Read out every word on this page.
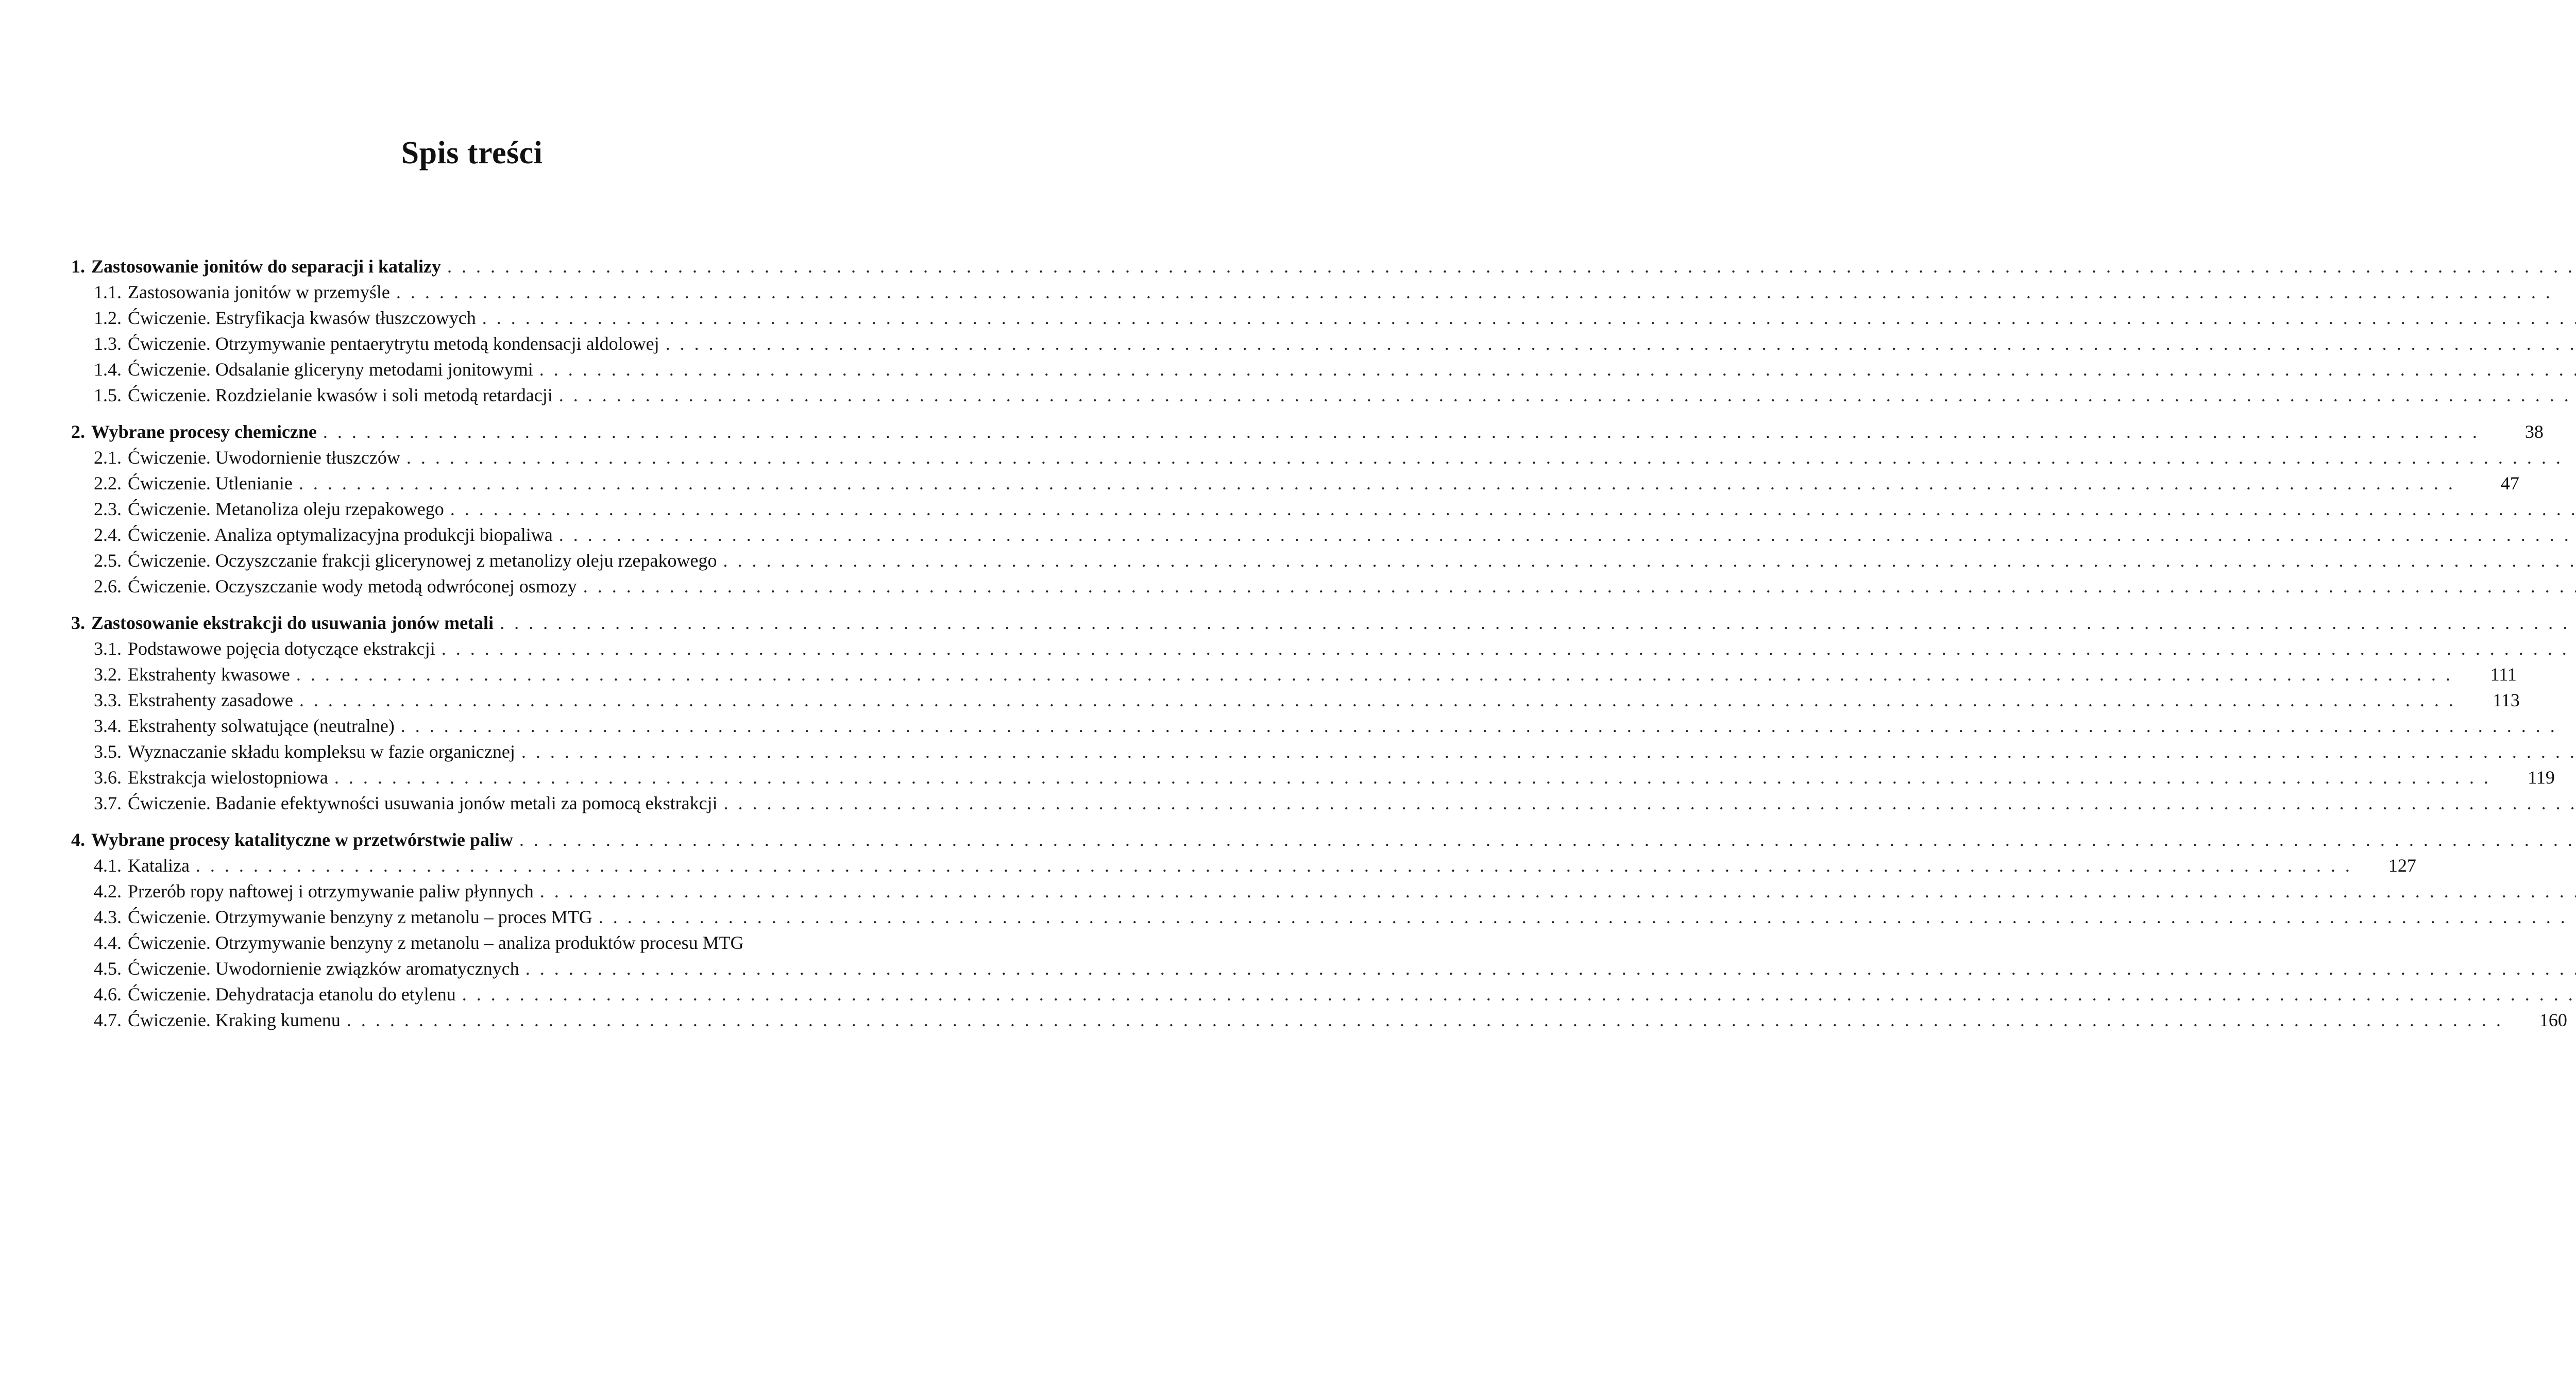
Spis treści
1. Zastosowanie jonitów do separacji i katalizy
. . .
1.1. Zastosowania jonitów w przemyśle
. . .
1.2. Ćwiczenie. Estryfikacja kwasów tłuszczowych
. . .
1.3. Ćwiczenie. Otrzymywanie pentaerytrytu metodą kondensacji aldolowej
. . .
1.4. Ćwiczenie. Odsalanie gliceryny metodami jonitowymi
. . .
1.5. Ćwiczenie. Rozdzielanie kwasów i soli metodą retardacji
. . .
2. Wybrane procesy chemiczne . . .	38
2.1. Ćwiczenie. Uwodornienie tłuszczów
. . .
2.2. Ćwiczenie. Utlenianie . . .	47
2.3. Ćwiczenie. Metanoliza oleju rzepakowego
. . .
2.4. Ćwiczenie. Analiza optymalizacyjna produkcji biopaliwa
. . .
2.5. Ćwiczenie. Oczyszczanie frakcji glicerynowej z metanolizy oleju rzepakowego
. . .
2.6. Ćwiczenie. Oczyszczanie wody metodą odwróconej osmozy
. . .
3. Zastosowanie ekstrakcji do usuwania jonów metali
. . .
3.1. Podstawowe pojęcia dotyczące ekstrakcji
. . .
3.2. Ekstrahenty kwasowe . . .	111
3.3. Ekstrahenty zasadowe . . .	113
3.4. Ekstrahenty solwatujące (neutralne)
. . .
3.5. Wyznaczanie składu kompleksu w fazie organicznej
. . .
3.6. Ekstrakcja wielostopniowa . . .	119
3.7. Ćwiczenie. Badanie efektywności usuwania jonów metali za pomocą ekstrakcji
. . .
4. Wybrane procesy katalityczne w przetwórstwie paliw
. . .
4.1. Kataliza . . .	127
4.2. Przerób ropy naftowej i otrzymywanie paliw płynnych
. . .
4.3. Ćwiczenie. Otrzymywanie benzyny z metanolu – proces MTG
. . .
4.4. Ćwiczenie. Otrzymywanie benzyny z metanolu – analiza produktów procesu MTG
4.5. Ćwiczenie. Uwodornienie związków aromatycznych
. . .
4.6. Ćwiczenie. Dehydratacja etanolu do etylenu
. . .
4.7. Ćwiczenie. Kraking kumenu . . .	160
